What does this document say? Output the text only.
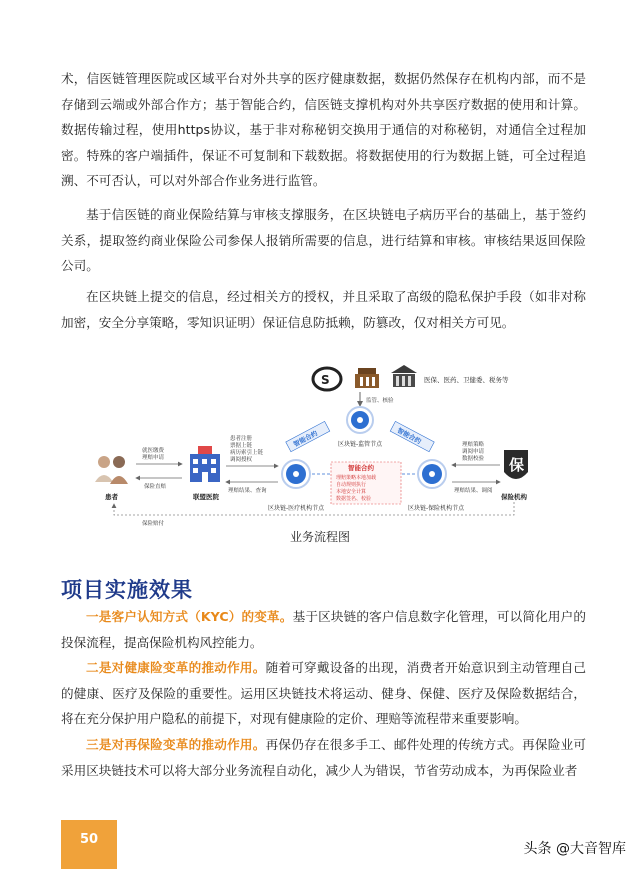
术，信医链管理医院或区域平台对外共享的医疗健康数据，数据仍然保存在机构内部，而不是存储到云端或外部合作方；基于智能合约，信医链支撑机构对外共享医疗数据的使用和计算。数据传输过程，使用https协议，基于非对称秘钥交换用于通信的对称秘钥，对通信全过程加密。特殊的客户端插件，保证不可复制和下载数据。将数据使用的行为数据上链，可全过程追溯、不可否认，可以对外部合作业务进行监管。

基于信医链的商业保险结算与审核支撑服务，在区块链电子病历平台的基础上，基于签约关系，提取签约商业保险公司参保人报销所需要的信息，进行结算和审核。审核结果返回保险公司。

在区块链上提交的信息，经过相关方的授权，并且采取了高级的隐私保护手段（如非对称加密，安全分享策略，零知识证明）保证信息防抵赖，防篡改，仅对相关方可见。

S	医保、医药、卫健委、税务等
监管、核验
区块链-监管节点
智能合约	智能合约
区块链-医疗机构节点	区块链-保险机构节点
智能合约
理赔策略本地加载
自动规则执行
本地安全计算
数据签名、校验
患者
就医缴费
理赔申请
保险直赔
联盟医院
患者注册
票据上链
病历索引上链
调阅授权
理赔结果、查询
理赔策略
调阅申请
数据校验
理赔结果、调阅
保
保险机构
保险赔付
业务流程图
项目实施效果
一是客户认知方式（KYC）的变革。基于区块链的客户信息数字化管理，可以简化用户的投保流程，提高保险机构风控能力。
二是对健康险变革的推动作用。随着可穿戴设备的出现，消费者开始意识到主动管理自己的健康、医疗及保险的重要性。运用区块链技术将运动、健身、保健、医疗及保险数据结合，将在充分保护用户隐私的前提下，对现有健康险的定价、理赔等流程带来重要影响。
三是对再保险变革的推动作用。再保仍存在很多手工、邮件处理的传统方式。再保险业可采用区块链技术可以将大部分业务流程自动化，减少人为错误，节省劳动成本，为再保险业者
50
头条 @大音智库
